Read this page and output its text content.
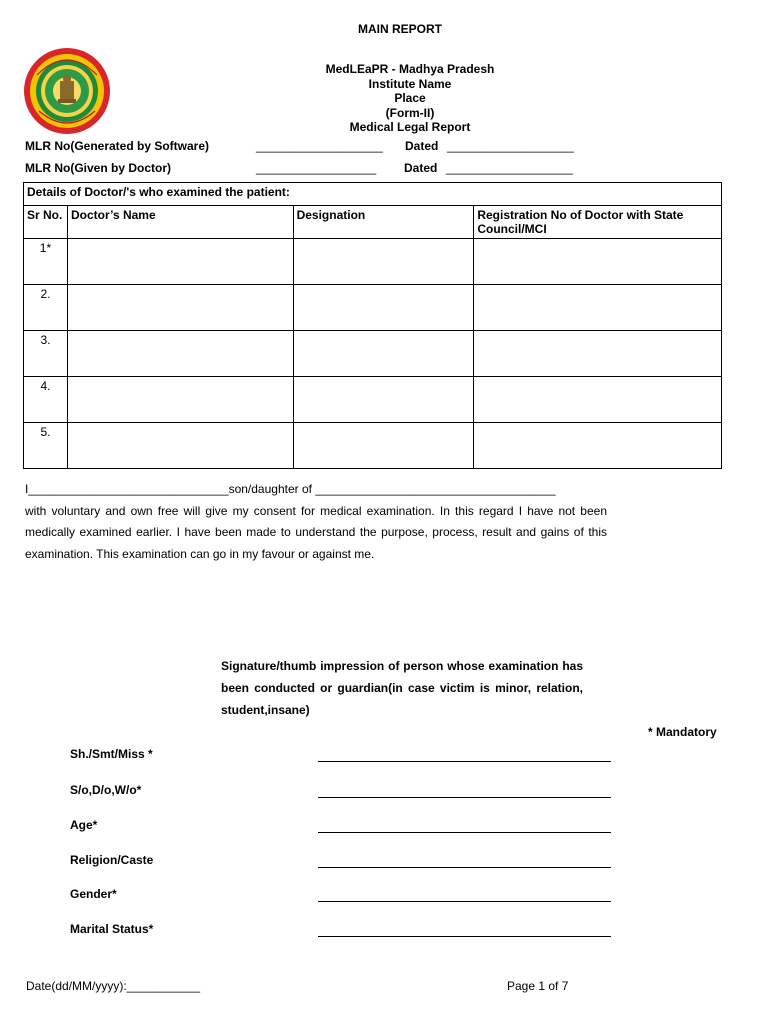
MAIN REPORT
MedLEaPR - Madhya Pradesh
Institute Name
Place
(Form-II)
Medical Legal Report
MLR No(Generated by Software)	___________________ Dated ___________________
MLR No(Given by Doctor)	__________________ Dated ___________________
Details of Doctor/'s who examined the patient:			
Sr No.	Doctor’s Name	Designation	Registration No of Doctor with State Council/MCI
1*			
2.			
3.			
4.			
5.			
I______________________________son/daughter of ____________________________________
with voluntary and own free will give my consent for medical examination. In this regard I have not been medically examined earlier. I have been made to understand the purpose, process, result and gains of this examination. This examination can go in my favour or against me.
Signature/thumb impression of person whose examination has been conducted or guardian(in case victim is minor, relation, student,insane)
* Mandatory
Sh./Smt/Miss *
S/o,D/o,W/o*
Age*
Religion/Caste
Gender*
Marital Status*
Date(dd/MM/yyyy):___________	Page 1 of 7
